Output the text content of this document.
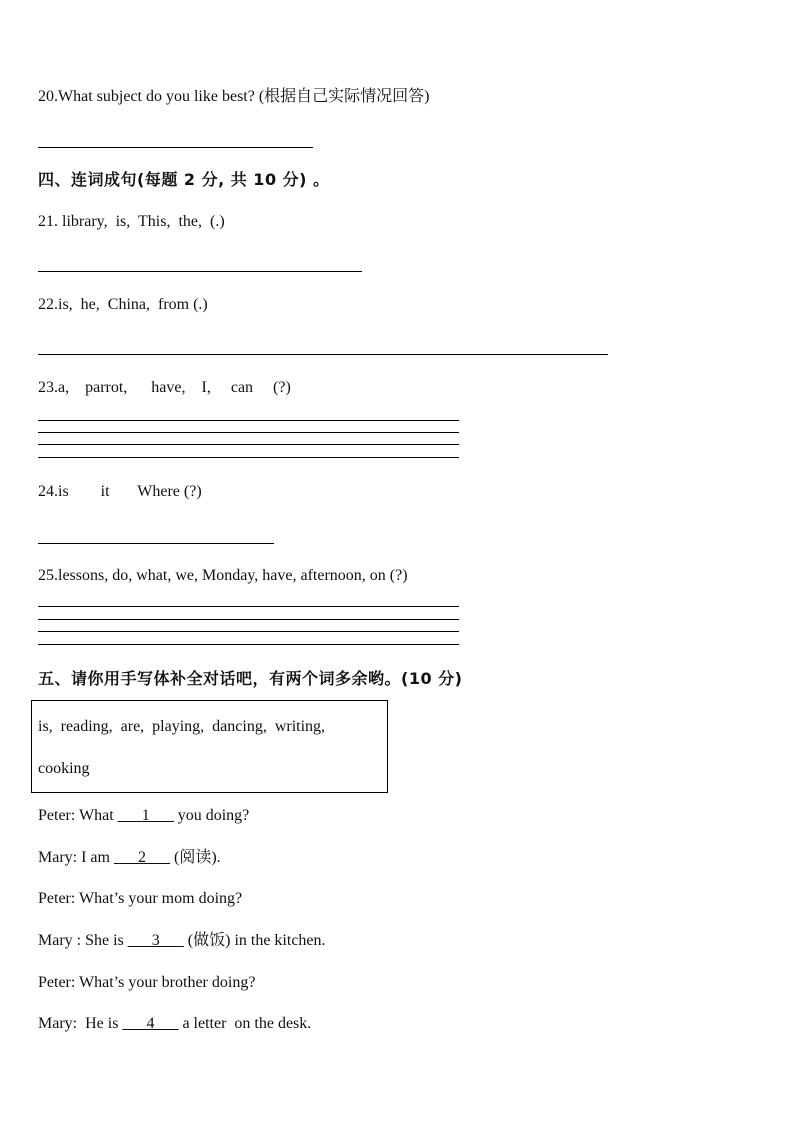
20.What subject do you like best? (根据自己实际情况回答)
四、连词成句(每题 2 分, 共 10 分) 。
21. library,  is,  This,  the,  (.)
22.is,  he,  China,  from (.)
23.a,    parrot,      have,    I,     can     (?)
24.is        it       Where (?)
25.lessons, do, what, we, Monday, have, afternoon, on (?)
五、请你用手写体补全对话吧，有两个词多余哟。(10 分)
is,  reading,  are,  playing,  dancing,  writing,
cooking
Peter: What ___1___ you doing?
Mary: I am ___2___ (阅读).
Peter: What’s your mom doing?
Mary : She is ___3___ (做饭) in the kitchen.
Peter: What’s your brother doing?
Mary:  He is ___4___ a letter  on the desk.
